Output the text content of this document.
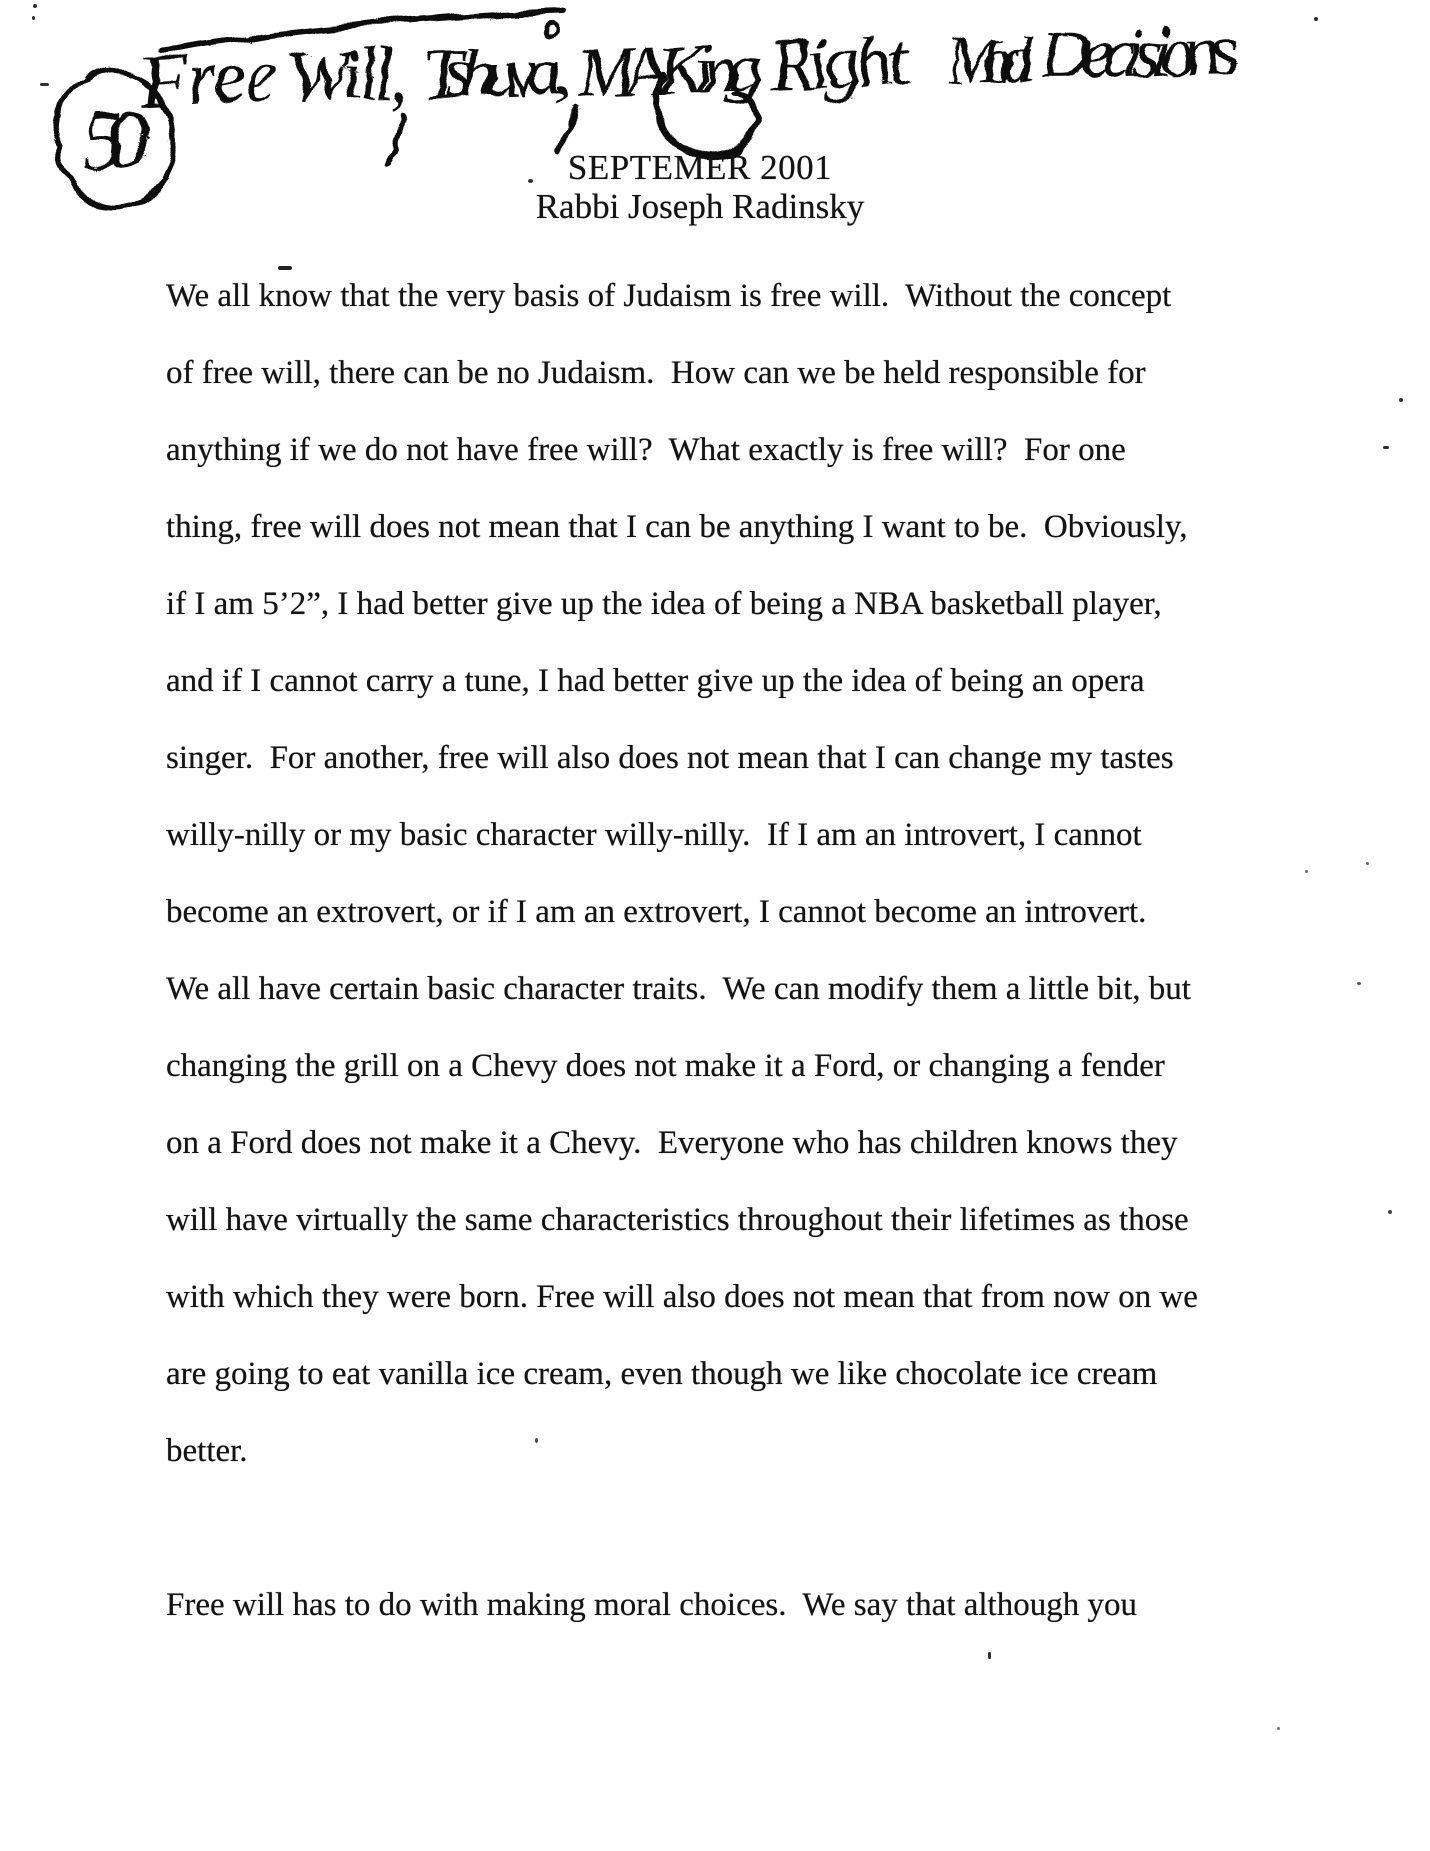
Free Will, Tshuva, MAKing Right Moral Decisions
50	SEPTEMER 2001
Rabbi Joseph Radinsky
We all know that the very basis of Judaism is free will.  Without the concept
of free will, there can be no Judaism.  How can we be held responsible for
anything if we do not have free will?  What exactly is free will?  For one
thing, free will does not mean that I can be anything I want to be.  Obviously,
if I am 5’2”, I had better give up the idea of being a NBA basketball player,
and if I cannot carry a tune, I had better give up the idea of being an opera
singer.  For another, free will also does not mean that I can change my tastes
willy-nilly or my basic character willy-nilly.  If I am an introvert, I cannot
become an extrovert, or if I am an extrovert, I cannot become an introvert.
We all have certain basic character traits.  We can modify them a little bit, but
changing the grill on a Chevy does not make it a Ford, or changing a fender
on a Ford does not make it a Chevy.  Everyone who has children knows they
will have virtually the same characteristics throughout their lifetimes as those
with which they were born. Free will also does not mean that from now on we
are going to eat vanilla ice cream, even though we like chocolate ice cream
better.
Free will has to do with making moral choices.  We say that although you
